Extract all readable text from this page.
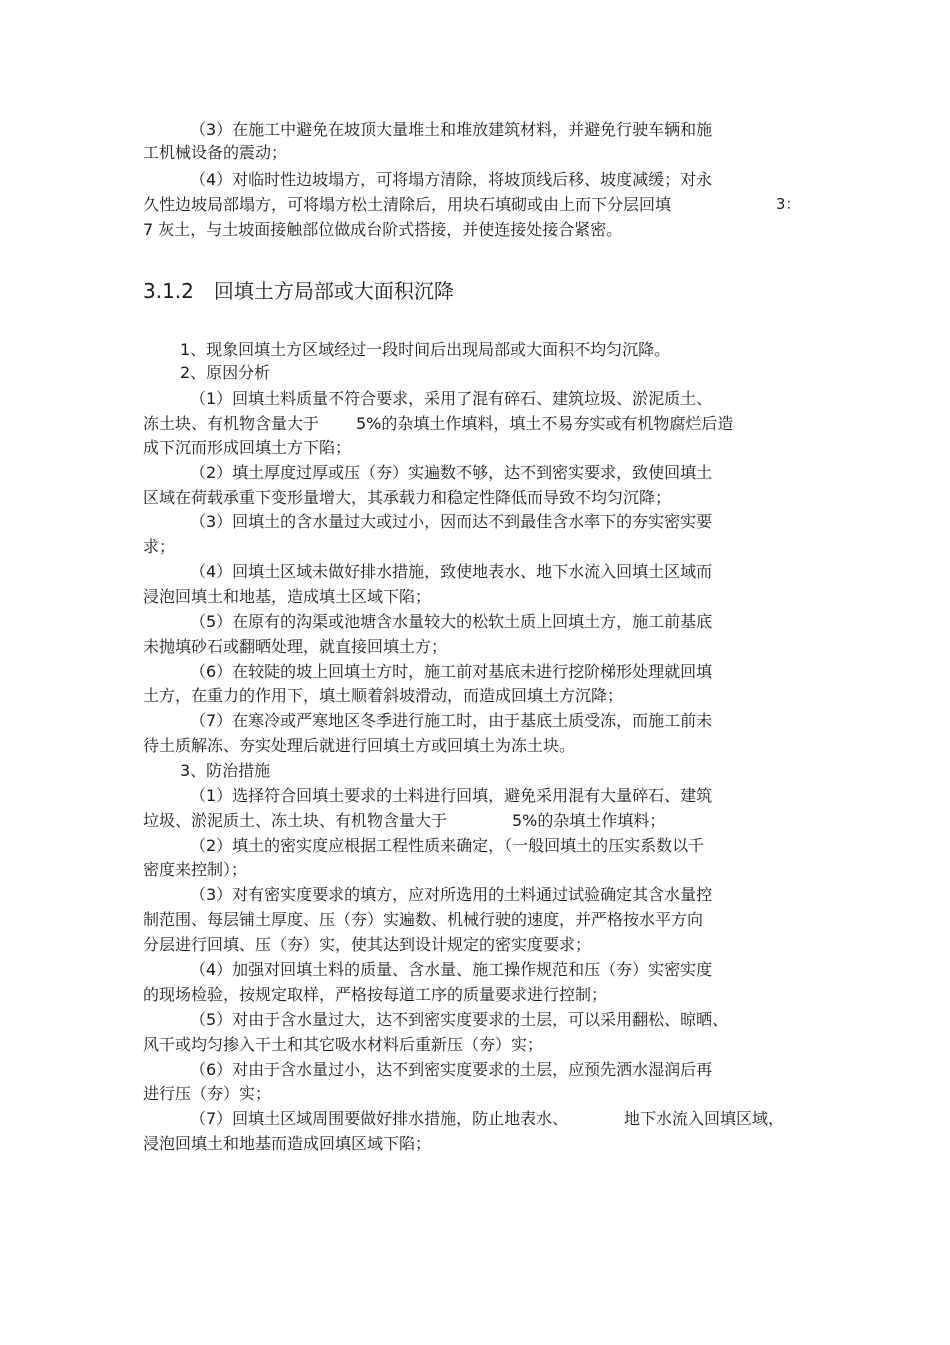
（3）在施工中避免在坡顶大量堆土和堆放建筑材料，并避免行驶车辆和施
工机械设备的震动；
（4）对临时性边坡塌方，可将塌方清除，将坡顶线后移、坡度减缓；对永
久性边坡局部塌方，可将塌方松土清除后，用块石填砌或由上而下分层回填	3：
7 灰土，与土坡面接触部位做成台阶式搭接，并使连接处接合紧密。
3.1.2 回填土方局部或大面积沉降
1、现象回填土方区域经过一段时间后出现局部或大面积不均匀沉降。
2、原因分析
（1）回填土料质量不符合要求，采用了混有碎石、建筑垃圾、淤泥质土、
冻土块、有机物含量大于 5%的杂填土作填料，填土不易夯实或有机物腐烂后造
成下沉而形成回填土方下陷；
（2）填土厚度过厚或压（夯）实遍数不够，达不到密实要求，致使回填土
区域在荷载承重下变形量增大，其承载力和稳定性降低而导致不均匀沉降；
（3）回填土的含水量过大或过小，因而达不到最佳含水率下的夯实密实要
求；
（4）回填土区域未做好排水措施，致使地表水、地下水流入回填土区域而
浸泡回填土和地基，造成填土区域下陷；
（5）在原有的沟渠或池塘含水量较大的松软土质上回填土方，施工前基底
未抛填砂石或翻晒处理，就直接回填土方；
（6）在较陡的坡上回填土方时，施工前对基底未进行挖阶梯形处理就回填
土方，在重力的作用下，填土顺着斜坡滑动，而造成回填土方沉降；
（7）在寒冷或严寒地区冬季进行施工时，由于基底土质受冻，而施工前未
待土质解冻、夯实处理后就进行回填土方或回填土为冻土块。
3、防治措施
（1）选择符合回填土要求的土料进行回填，避免采用混有大量碎石、建筑
垃圾、淤泥质土、冻土块、有机物含量大于	5%的杂填土作填料；
（2）填土的密实度应根据工程性质来确定，（一般回填土的压实系数以千
密度来控制）；
（3）对有密实度要求的填方，应对所选用的土料通过试验确定其含水量控
制范围、每层铺土厚度、压（夯）实遍数、机械行驶的速度，并严格按水平方向
分层进行回填、压（夯）实，使其达到设计规定的密实度要求；
（4）加强对回填土料的质量、含水量、施工操作规范和压（夯）实密实度
的现场检验，按规定取样，严格按每道工序的质量要求进行控制；
（5）对由于含水量过大，达不到密实度要求的土层，可以采用翻松、晾晒、
风干或均匀掺入干土和其它吸水材料后重新压（夯）实；
（6）对由于含水量过小，达不到密实度要求的土层，应预先洒水湿润后再
进行压（夯）实；
（7）回填土区域周围要做好排水措施，防止地表水、	地下水流入回填区域，
浸泡回填土和地基而造成回填区域下陷；
